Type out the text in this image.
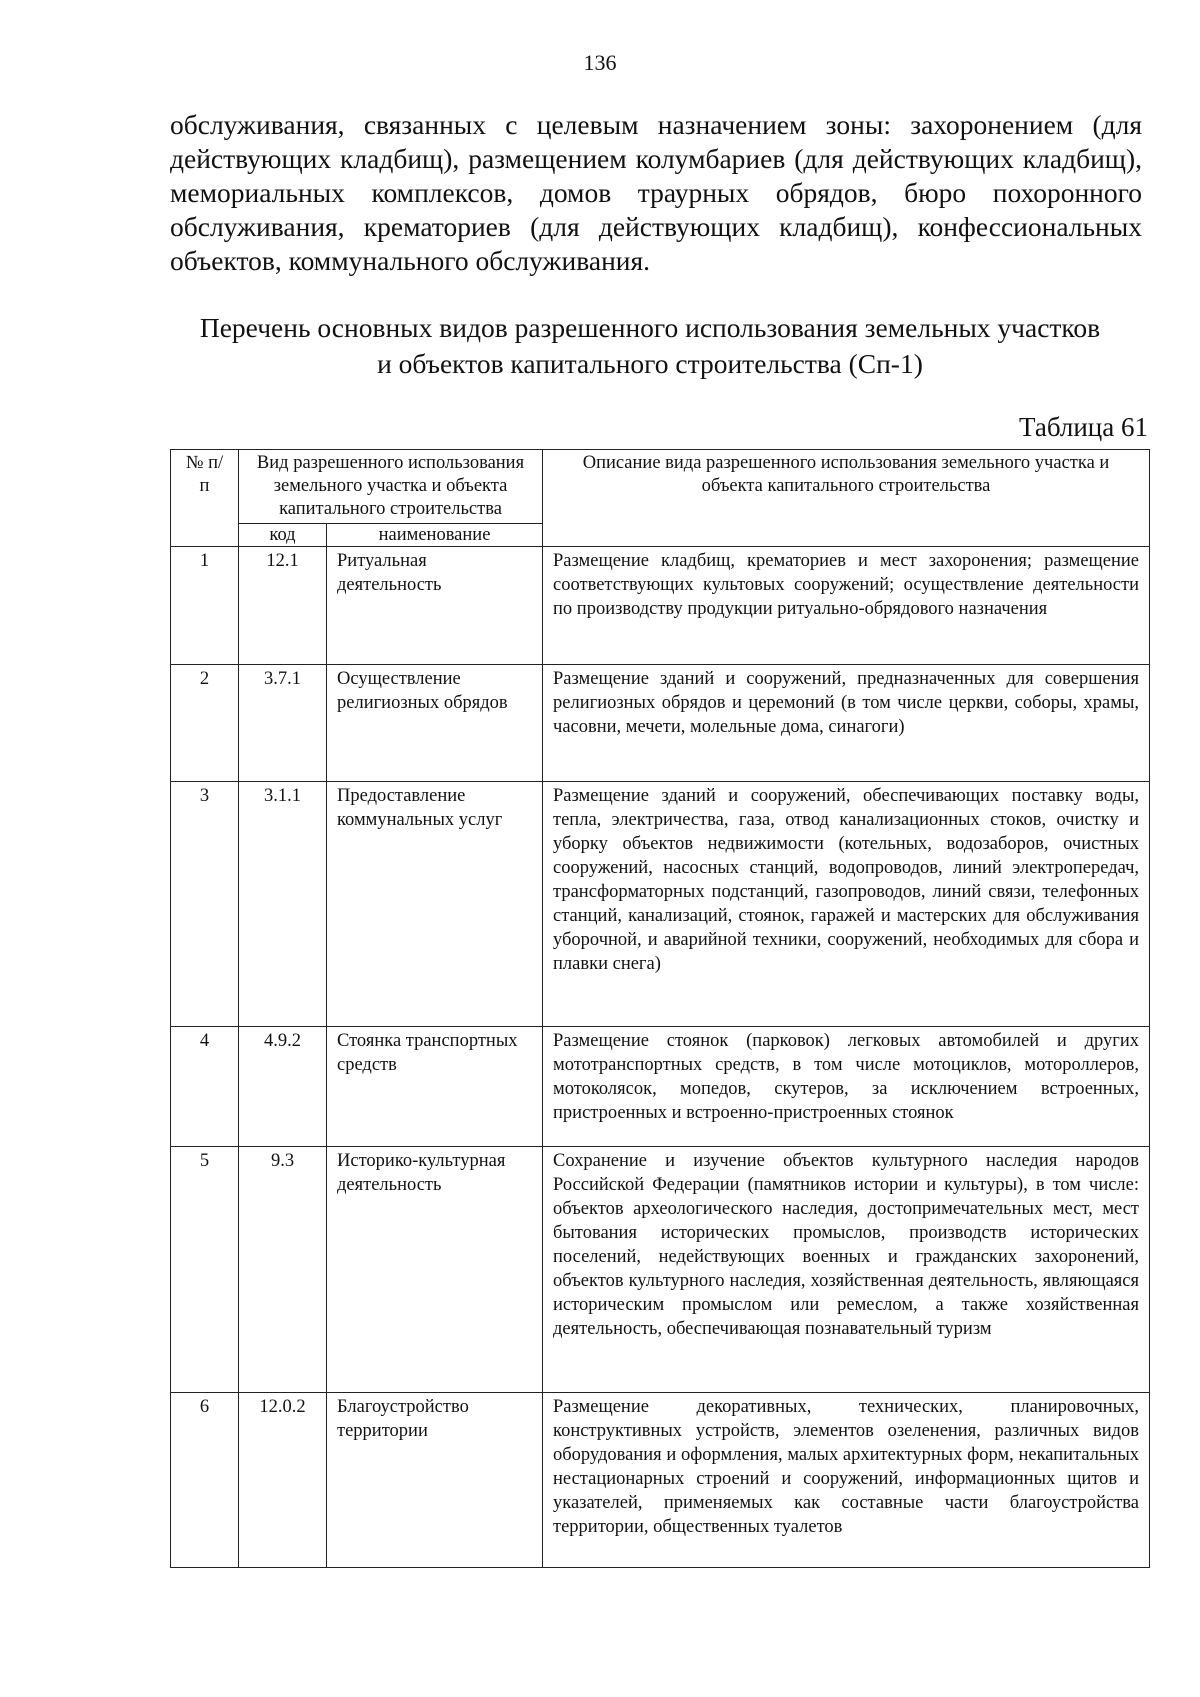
136

обслуживания, связанных с целевым назначением зоны: захоронением (для действующих кладбищ), размещением колумбариев (для действующих кладбищ), мемориальных комплексов, домов траурных обрядов, бюро похоронного обслуживания, крематориев (для действующих кладбищ), конфессиональных объектов, коммунального обслуживания.

Перечень основных видов разрешенного использования земельных участков
и объектов капитального строительства (Сп-1)
Таблица 61
№ п/п	Вид разрешенного использования земельного участка и объекта капитального строительства		Описание вида разрешенного использования земельного участка и объекта капитального строительства
	код	наименование	
1	12.1	Ритуальная деятельность	Размещение кладбищ, крематориев и мест захоронения; размещение соответствующих культовых сооружений; осуществление деятельности по производству продукции ритуально-обрядового назначения
2	3.7.1	Осуществление религиозных обрядов	Размещение зданий и сооружений, предназначенных для совершения религиозных обрядов и церемоний (в том числе церкви, соборы, храмы, часовни, мечети, молельные дома, синагоги)
3	3.1.1	Предоставление коммунальных услуг	Размещение зданий и сооружений, обеспечивающих поставку воды, тепла, электричества, газа, отвод канализационных стоков, очистку и уборку объектов недвижимости (котельных, водозаборов, очистных сооружений, насосных станций, водопроводов, линий электропередач, трансформаторных подстанций, газопроводов, линий связи, телефонных станций, канализаций, стоянок, гаражей и мастерских для обслуживания уборочной, и аварийной техники, сооружений, необходимых для сбора и плавки снега)
4	4.9.2	Стоянка транспортных средств	Размещение стоянок (парковок) легковых автомобилей и других мототранспортных средств, в том числе мотоциклов, мотороллеров, мотоколясок, мопедов, скутеров, за исключением встроенных, пристроенных и встроенно-пристроенных стоянок
5	9.3	Историко-культурная деятельность	Сохранение и изучение объектов культурного наследия народов Российской Федерации (памятников истории и культуры), в том числе: объектов археологического наследия, достопримечательных мест, мест бытования исторических промыслов, производств исторических поселений, недействующих военных и гражданских захоронений, объектов культурного наследия, хозяйственная деятельность, являющаяся историческим промыслом или ремеслом, а также хозяйственная деятельность, обеспечивающая познавательный туризм
6	12.0.2	Благоустройство территории	Размещение декоративных, технических, планировочных, конструктивных устройств, элементов озеленения, различных видов оборудования и оформления, малых архитектурных форм, некапитальных нестационарных строений и сооружений, информационных щитов и указателей, применяемых как составные части благоустройства территории, общественных туалетов
